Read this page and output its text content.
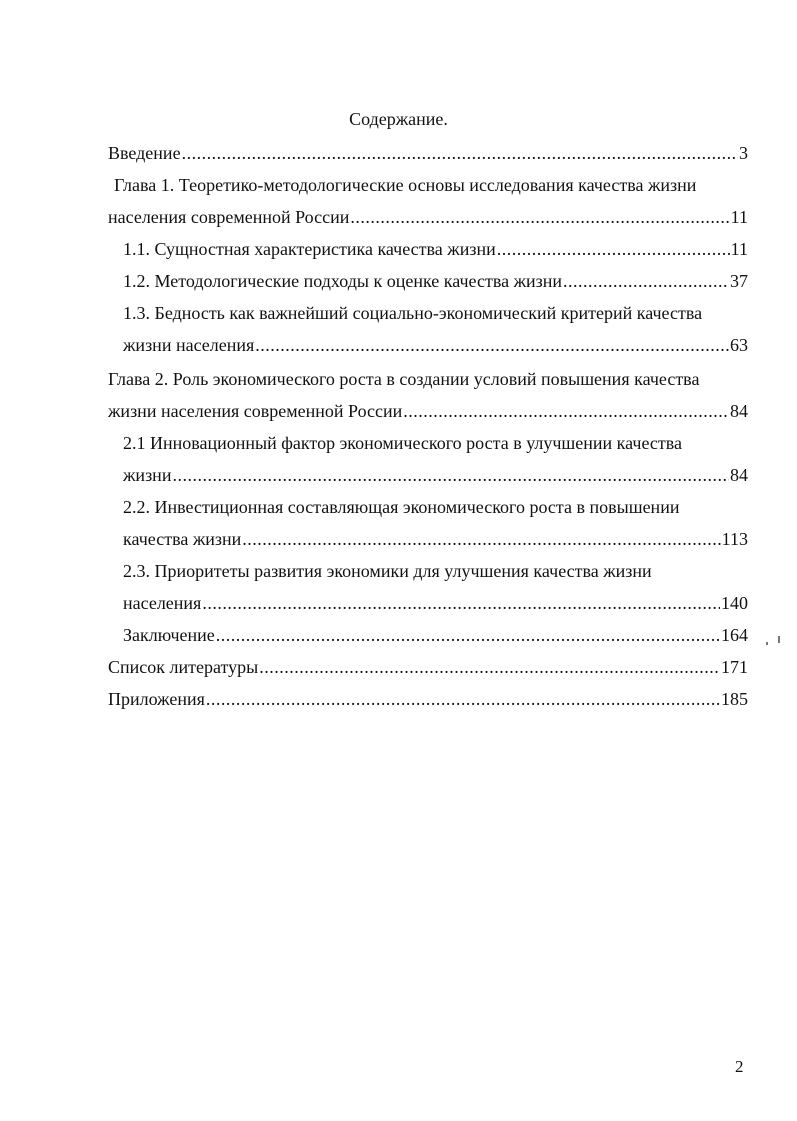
Содержание.
Введение .....	3
Глава 1. Теоретико-методологические основы исследования качества жизни
населения современной России .....	11
1.1. Сущностная характеристика качества жизни .....	11
1.2. Методологические подходы к оценке качества жизни .....	37
1.3. Бедность как важнейший социально-экономический критерий качества
жизни населения .....	63
Глава 2. Роль экономического роста в создании условий повышения качества
жизни населения современной России .....	84
2.1 Инновационный фактор экономического роста в улучшении качества
жизни .....	84
2.2. Инвестиционная составляющая экономического роста в повышении
качества жизни .....	113
2.3. Приоритеты развития экономики для улучшения качества жизни
населения .....	140
Заключение .....	164
Список литературы .....	171
Приложения .....	185
2
